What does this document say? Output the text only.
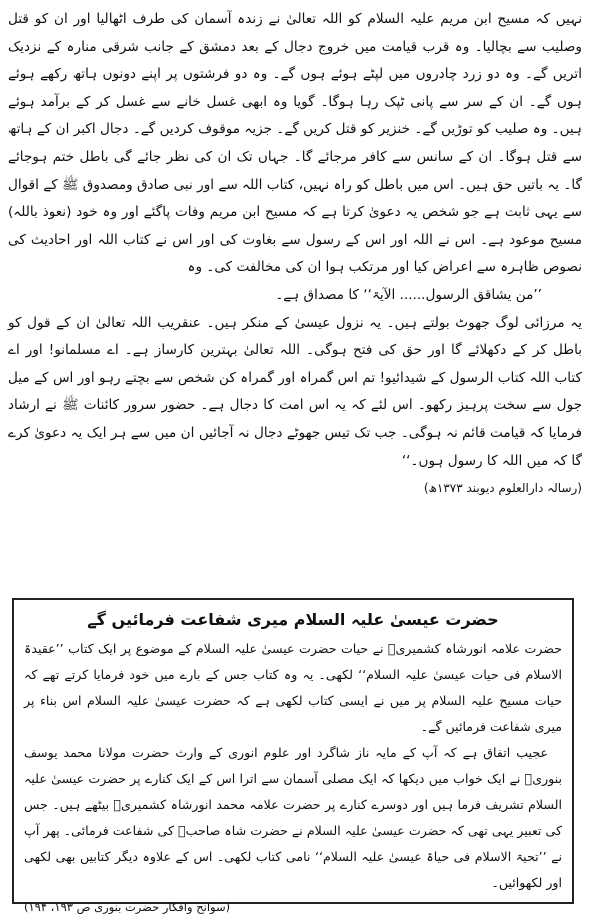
نہیں کہ مسیح ابن مریم علیہ السلام کو اللہ تعالیٰ نے زندہ آسمان کی طرف اٹھالیا اور ان کو قتل وصلیب سے بچالیا۔ وہ قرب قیامت میں خروج دجال کے بعد دمشق کے جانب شرقی منارہ کے نزدیک اتریں گے۔ وہ دو زرد چادروں میں لپٹے ہوئے ہوں گے۔ وہ دو فرشتوں پر اپنے دونوں ہاتھ رکھے ہوئے ہوں گے۔ ان کے سر سے پانی ٹپک رہا ہوگا۔ گویا وہ ابھی غسل خانے سے غسل کر کے برآمد ہوئے ہیں۔ وہ صلیب کو توڑیں گے۔ خنزیر کو قتل کریں گے۔ جزیہ موقوف کردیں گے۔ دجال اکبر ان کے ہاتھ سے قتل ہوگا۔ ان کے سانس سے کافر مرجائے گا۔ جہاں تک ان کی نظر جائے گی باطل ختم ہوجائے گا۔ یہ باتیں حق ہیں۔ اس میں باطل کو راہ نہیں، کتاب اللہ سے اور نبی صادق ومصدوق ﷺ کے اقوال سے یہی ثابت ہے جو شخص یہ دعویٰ کرتا ہے کہ مسیح ابن مریم وفات پاگئے اور وہ خود (نعوذ باللہ) مسیح موعود ہے۔ اس نے اللہ اور اس کے رسول سے بغاوت کی اور اس نے کتاب اللہ اور احادیث کی نصوص ظاہرہ سے اعراض کیا اور مرتکب ہوا ان کی مخالفت کی۔ وہ

’’من یشاقق الرسول...... الآیۃ‘‘ کا مصداق ہے۔

یہ مرزائی لوگ جھوٹ بولتے ہیں۔ یہ نزول عیسیٰ کے منکر ہیں۔ عنقریب اللہ تعالیٰ ان کے قول کو باطل کر کے دکھلائے گا اور حق کی فتح ہوگی۔ اللہ تعالیٰ بہترین کارساز ہے۔ اے مسلمانو! اور اے کتاب اللہ کتاب الرسول کے شیدائیو! تم اس گمراہ اور گمراہ کن شخص سے بچتے رہو اور اس کے میل جول سے سخت پرہیز رکھو۔ اس لئے کہ یہ اس امت کا دجال ہے۔ حضور سرور کائنات ﷺ نے ارشاد فرمایا کہ قیامت قائم نہ ہوگی۔ جب تک تیس جھوٹے دجال نہ آجائیں ان میں سے ہر ایک یہ دعویٰ کرے گا کہ میں اللہ کا رسول ہوں۔‘‘

(رسالہ دارالعلوم دیوبند ۱۳۷۳ھ)

حضرت عیسیٰ علیہ السلام میری شفاعت فرمائیں گے

حضرت علامہ انورشاہ کشمیریؒ نے حیات حضرت عیسیٰ علیہ السلام کے موضوع پر ایک کتاب ’’عقیدۃ الاسلام فی حیات عیسیٰ علیہ السلام‘‘ لکھی۔ یہ وہ کتاب جس کے بارے میں خود فرمایا کرتے تھے کہ حیات مسیح علیہ السلام پر میں نے ایسی کتاب لکھی ہے کہ حضرت عیسیٰ علیہ السلام اس بناء پر میری شفاعت فرمائیں گے۔

عجیب اتفاق ہے کہ آپ کے مایہ ناز شاگرد اور علوم انوری کے وارث حضرت مولانا محمد یوسف بنوریؒ نے ایک خواب میں دیکھا کہ ایک مصلی آسمان سے اترا اس کے ایک کنارے پر حضرت عیسیٰ علیہ السلام تشریف فرما ہیں اور دوسرے کنارے پر حضرت علامہ محمد انورشاہ کشمیریؒ بیٹھے ہیں۔ جس کی تعبیر یہی تھی کہ حضرت عیسیٰ علیہ السلام نے حضرت شاہ صاحبؒ کی شفاعت فرمائی۔ پھر آپ نے ’’تحیۃ الاسلام فی حیاۃ عیسیٰ علیہ السلام‘‘ نامی کتاب لکھی۔ اس کے علاوہ دیگر کتابیں بھی لکھی اور لکھوائیں۔

(سوانح وافکار حضرت بنوری ص ۱۹۳، ۱۹۴)
